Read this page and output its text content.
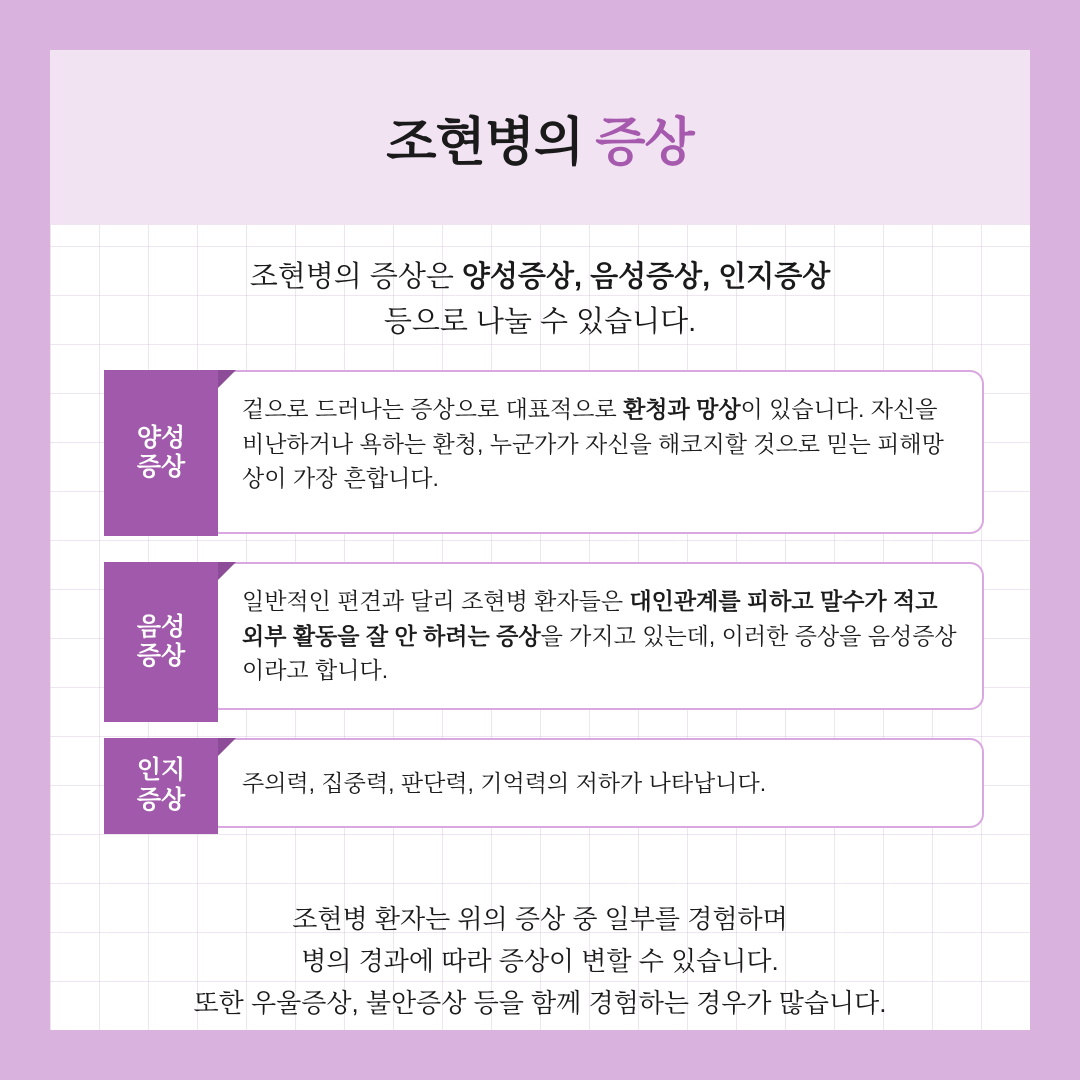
조현병의 증상
조현병의 증상은 양성증상, 음성증상, 인지증상
등으로 나눌 수 있습니다.
양성
증상
겉으로 드러나는 증상으로 대표적으로 환청과 망상이 있습니다. 자신을 비난하거나 욕하는 환청, 누군가가 자신을 해코지할 것으로 믿는 피해망상이 가장 흔합니다.
음성
증상
일반적인 편견과 달리 조현병 환자들은 대인관계를 피하고 말수가 적고 외부 활동을 잘 안 하려는 증상을 가지고 있는데, 이러한 증상을 음성증상이라고 합니다.
인지
증상
주의력, 집중력, 판단력, 기억력의 저하가 나타납니다.
조현병 환자는 위의 증상 중 일부를 경험하며
병의 경과에 따라 증상이 변할 수 있습니다.
또한 우울증상, 불안증상 등을 함께 경험하는 경우가 많습니다.
